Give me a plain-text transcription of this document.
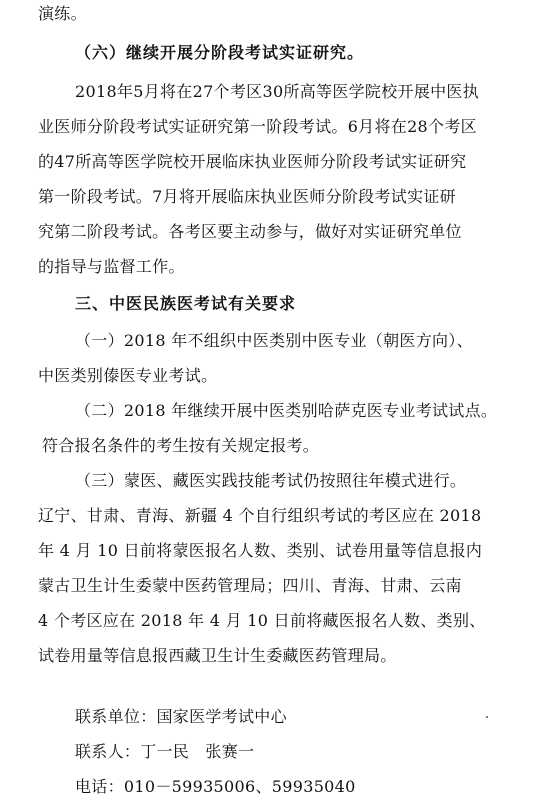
演练。
（六）继续开展分阶段考试实证研究。
2018年5月将在27个考区30所高等医学院校开展中医执
业医师分阶段考试实证研究第一阶段考试。6月将在28个考区
的47所高等医学院校开展临床执业医师分阶段考试实证研究
第一阶段考试。7月将开展临床执业医师分阶段考试实证研
究第二阶段考试。各考区要主动参与，做好对实证研究单位
的指导与监督工作。
三、中医民族医考试有关要求
（一）2018 年不组织中医类别中医专业（朝医方向）、
中医类别傣医专业考试。
（二）2018 年继续开展中医类别哈萨克医专业考试试点。
符合报名条件的考生按有关规定报考。
（三）蒙医、藏医实践技能考试仍按照往年模式进行。
辽宁、甘肃、青海、新疆 4 个自行组织考试的考区应在 2018
年 4 月 10 日前将蒙医报名人数、类别、试卷用量等信息报内
蒙古卫生计生委蒙中医药管理局；四川、青海、甘肃、云南
4 个考区应在 2018 年 4 月 10 日前将藏医报名人数、类别、
试卷用量等信息报西藏卫生计生委藏医药管理局。
联系单位：国家医学考试中心
联系人：丁一民　张赛一
电话：010－59935006、59935040
